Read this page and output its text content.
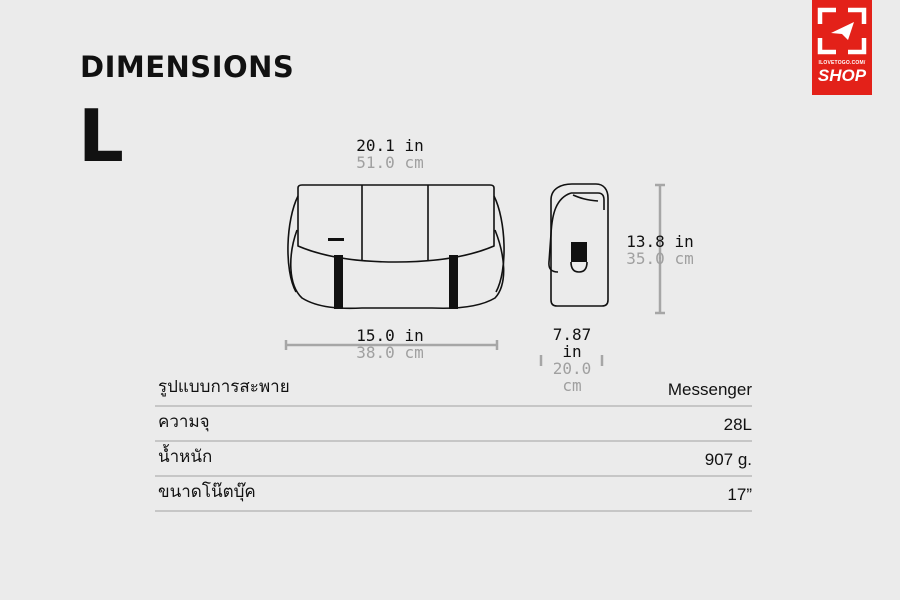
DIMENSIONS
L
ILOVETOGO.COM/
SHOP
20.1 in
51.0 cm
15.0 in
38.0 cm
13.8 in
35.0 cm
7.87
in
20.0
cm
รูปแบบการสะพาย	Messenger
ความจุ	28L
น้ำหนัก	907 g.
ขนาดโน๊ตบุ๊ค	17”
